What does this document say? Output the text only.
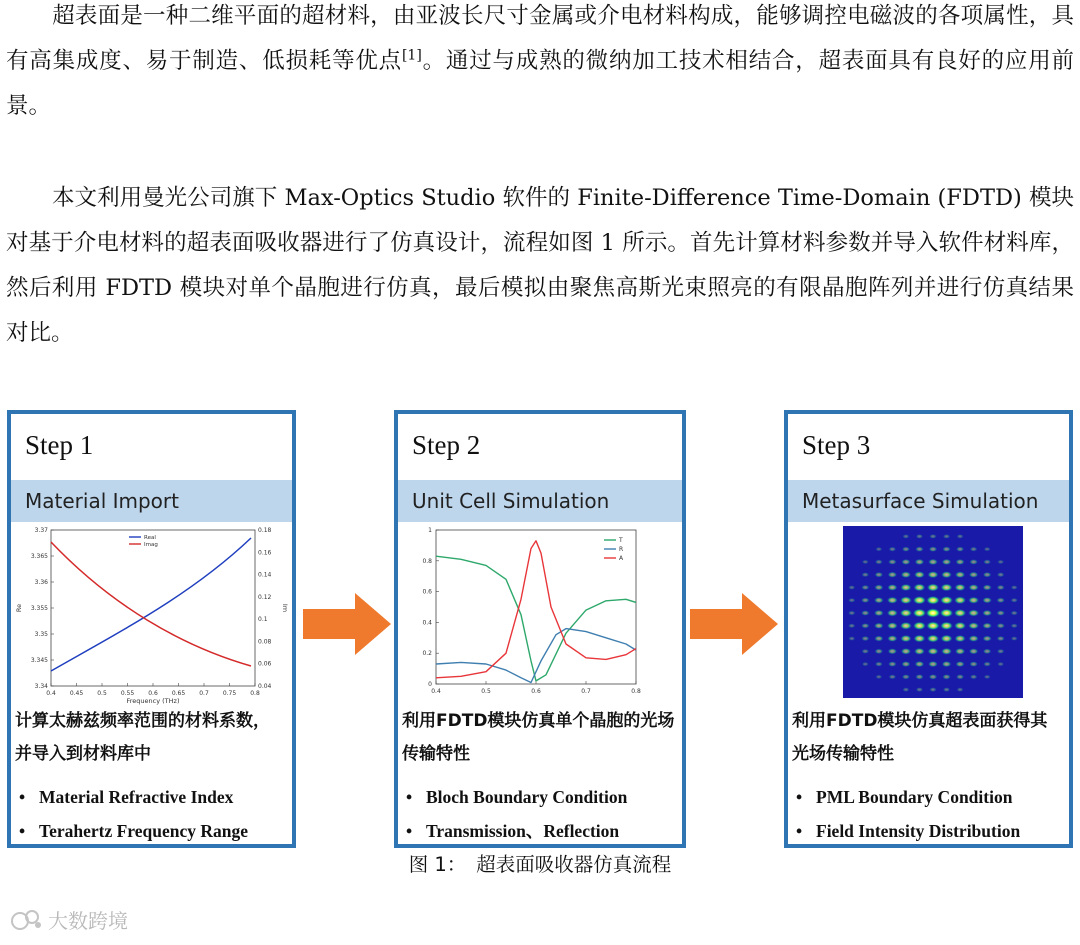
超表面是一种二维平面的超材料，由亚波长尺寸金属或介电材料构成，能够调控电磁波的各项属性，具有高集成度、易于制造、低损耗等优点[1]。通过与成熟的微纳加工技术相结合，超表面具有良好的应用前景。
本文利用曼光公司旗下 Max-Optics Studio 软件的 Finite-Difference Time-Domain (FDTD) 模块对基于介电材料的超表面吸收器进行了仿真设计，流程如图 1 所示。首先计算材料参数并导入软件材料库，然后利用 FDTD 模块对单个晶胞进行仿真，最后模拟由聚焦高斯光束照亮的有限晶胞阵列并进行仿真结果对比。
Step 1
Material Import
0.4 0.45 0.5 0.55 0.6 0.65 0.7 0.75 0.8
3.34
3.345
3.35
3.355
3.36
3.365
3.37
0.04
0.06
0.08
0.1
0.12
0.14
0.16
0.18
Frequency (THz)
Re	Im
Real
Imag
计算太赫兹频率范围的材料系数，并导入到材料库中
• Material Refractive Index
• Terahertz Frequency Range
Step 2
Unit Cell Simulation
0.4	0.5	0.6	0.7	0.8
0
0.2
0.4
0.6
0.8
1
T
R
A
利用FDTD模块仿真单个晶胞的光场传输特性
• Bloch Boundary Condition
• Transmission、Reflection
Step 3
Metasurface Simulation
利用FDTD模块仿真超表面获得其光场传输特性
• PML Boundary Condition
• Field Intensity Distribution
图 1： 超表面吸收器仿真流程
大数跨境
